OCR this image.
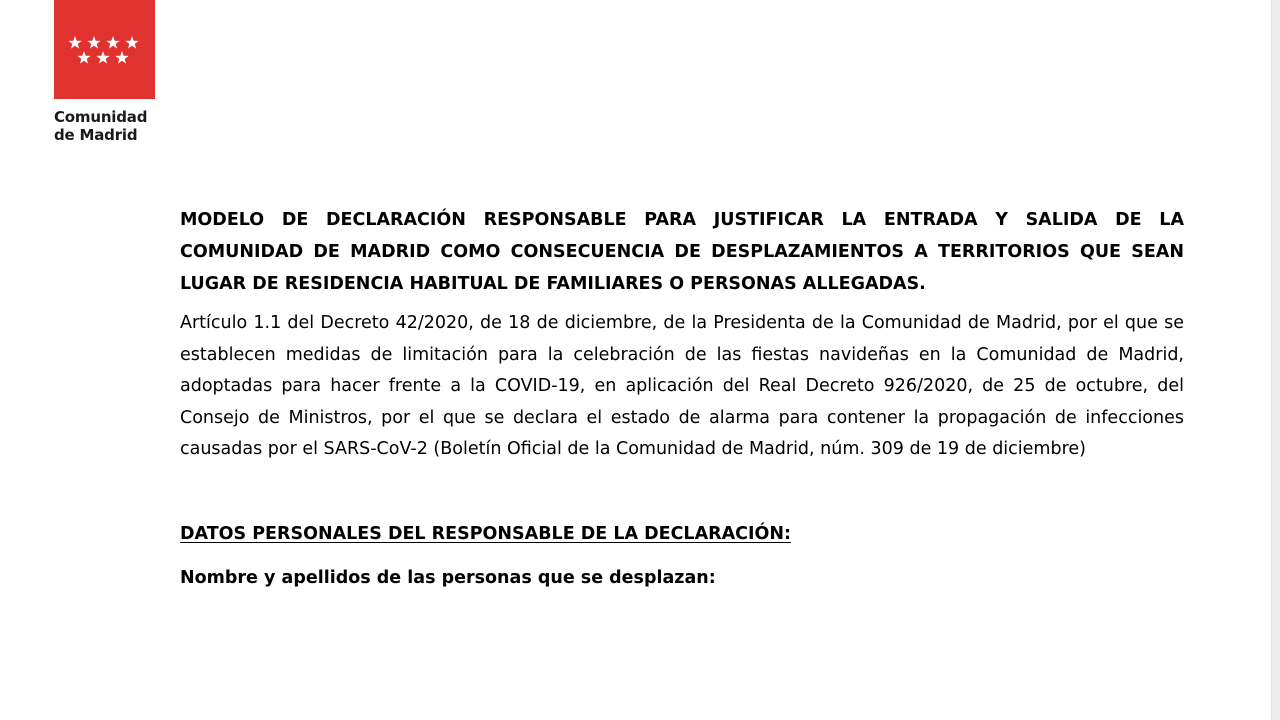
Comunidad
de Madrid

MODELO DE DECLARACIÓN RESPONSABLE PARA JUSTIFICAR LA ENTRADA Y SALIDA DE LA COMUNIDAD DE MADRID COMO CONSECUENCIA DE DESPLAZAMIENTOS A TERRITORIOS QUE SEAN LUGAR DE RESIDENCIA HABITUAL DE FAMILIARES O PERSONAS ALLEGADAS.

Artículo 1.1 del Decreto 42/2020, de 18 de diciembre, de la Presidenta de la Comunidad de Madrid, por el que se establecen medidas de limitación para la celebración de las fiestas navideñas en la Comunidad de Madrid, adoptadas para hacer frente a la COVID-19, en aplicación del Real Decreto 926/2020, de 25 de octubre, del Consejo de Ministros, por el que se declara el estado de alarma para contener la propagación de infecciones causadas por el SARS-CoV-2 (Boletín Oficial de la Comunidad de Madrid, núm. 309 de 19 de diciembre)

DATOS PERSONALES DEL RESPONSABLE DE LA DECLARACIÓN:

Nombre y apellidos de las personas que se desplazan:
